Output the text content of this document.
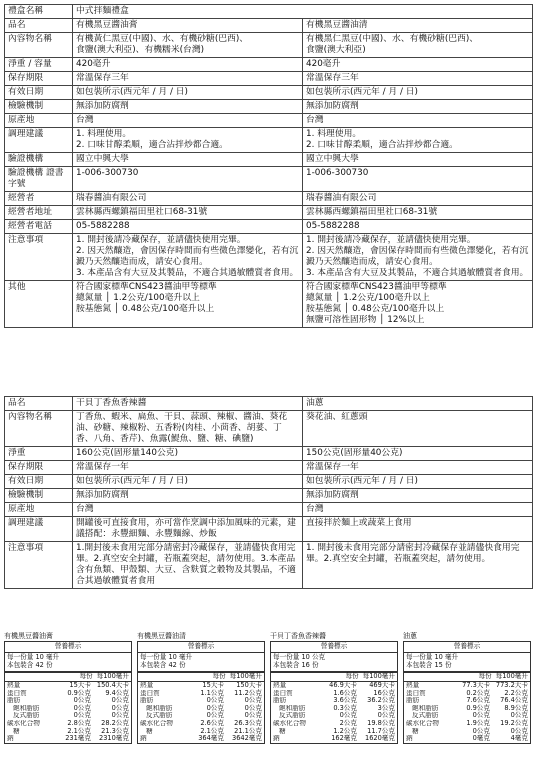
禮盒名稱	中式拌麵禮盒	
品名	有機黑豆醬油膏	有機黑豆醬油清

內容物名稱	有機黃仁黑豆(中國)、水、有機砂糖(巴西)、
食鹽(澳大利亞)、有機糯米(台灣)	有機黑仁黑豆(中國)、水、有機砂糖(巴西)、
食鹽(澳大利亞)

淨重 / 容量	420毫升	420毫升

保存期限	常溫保存三年	常溫保存三年

有效日期	如包裝所示(西元年 / 月 / 日)	如包裝所示(西元年 / 月 / 日)

檢驗機制	無添加防腐劑	無添加防腐劑

原產地	台灣	台灣

調理建議	1. 料理使用。
2. 口味甘醇柔順，適合沾拌炒都合適。	1. 料理使用。
2. 口味甘醇柔順，適合沾拌炒都合適。

驗證機構	國立中興大學	國立中興大學

驗證機構 證書字號	1-006-300730	1-006-300730

經營者	瑞春醬油有限公司	瑞春醬油有限公司

經營者地址	雲林縣西螺鎮福田里社口68-31號	雲林縣西螺鎮福田里社口68-31號

經營者電話	05-5882288	05-5882288

注意事項	1. 開封後請冷藏保存，並請儘快使用完畢。
2. 因天然釀造，會因保存時間而有些微色澤變化，若有沉澱乃天然釀造而成，請安心食用。
3. 本產品含有大豆及其製品，不適合其過敏體質者食用。	1. 開封後請冷藏保存，並請儘快使用完畢。
2. 因天然釀造，會因保存時間而有些微色澤變化，若有沉澱乃天然釀造而成，請安心食用。
3. 本產品含有大豆及其製品，不適合其過敏體質者食用。

其他	符合國家標準CNS423醬油甲等標準
總氮量 │ 1.2公克/100毫升以上
胺基態氮 │ 0.48公克/100毫升以上	符合國家標準CNS423醬油甲等標準
總氮量 │ 1.2公克/100毫升以上
胺基態氮 │ 0.48公克/100毫升以上
無鹽可溶性固形物 │ 12%以上
品名	干貝丁香魚香辣醬	油蔥

內容物名稱	丁香魚、蝦米、扁魚、干貝、蒜頭、辣椒、醬油、葵花油、砂糖、辣椒粉、五香粉(肉桂、小茴香、胡荽、丁香、八角、香芹)、魚露(鯷魚、鹽、糖、碘鹽)	葵花油、紅蔥頭

淨重	160公克(固形量140公克)	150公克(固形量40公克)

保存期限	常溫保存一年	常溫保存一年

有效日期	如包裝所示(西元年 / 月 / 日)	如包裝所示(西元年 / 月 / 日)

檢驗機制	無添加防腐劑	無添加防腐劑

原產地	台灣	台灣

調理建議	開罐後可直接食用，亦可當作烹調中添加風味的元素，建議搭配：永豐細麵、永豐麵線、炒飯	直接拌於麵上或蔬菜上食用

注意事項	1.開封後未食用完部分請密封冷藏保存，並請儘快食用完畢。2.真空安全封罐，若瓶蓋突起，請勿使用。3.本產品含有魚類、甲殼類、大豆、含麩質之穀物及其製品，不適合其過敏體質者食用	1. 開封後未食用完部分請密封冷藏保存並請儘快食用完畢。2.真空安全封罐，若瓶蓋突起，請勿使用。
有機黑豆醬油膏
營養標示
每一份量 10 毫升
本包裝含 42 份
每份 每100毫升
熱量	15大卡 150.4大卡
蛋白質	0.9公克	9.4公克
脂肪	0公克	0公克
飽和脂肪	0公克	0公克
反式脂肪	0公克	0公克
碳水化合物	2.8公克	28.2公克
糖	2.1公克	21.3公克
鈉	231毫克	2310毫克
有機黑豆醬油清
營養標示
每一份量 10 毫升
本包裝含 42 份
每份 每100毫升
熱量	15大卡	150大卡
蛋白質	1.1公克	11.2公克
脂肪	0公克	0公克
飽和脂肪	0公克	0公克
反式脂肪	0公克	0公克
碳水化合物	2.6公克	26.3公克
糖	2.1公克	21.1公克
鈉	364毫克	3642毫克
干貝丁香魚香辣醬
營養標示
每一份量 10 公克
本包裝含 16 份
每份 每100毫升
熱量	46.9大卡	469大卡
蛋白質	1.6公克	16公克
脂肪	3.6公克	36.2公克
飽和脂肪	0.3公克	3公克
反式脂肪	0公克	0公克
碳水化合物	2公克	19.8公克
糖	1.2公克	11.7公克
鈉	162毫克	1620毫克
油蔥
營養標示
每一份量 10 毫升
本包裝含 15 份
每份 每100毫升
熱量	77.3大卡 773.2大卡
蛋白質	0.2公克	2.2公克
脂肪	7.6公克	76.4公克
飽和脂肪	0.9公克	8.9公克
反式脂肪	0公克	0公克
碳水化合物	1.9公克	19.2公克
糖	0公克	0公克
鈉	0毫克	4毫克
